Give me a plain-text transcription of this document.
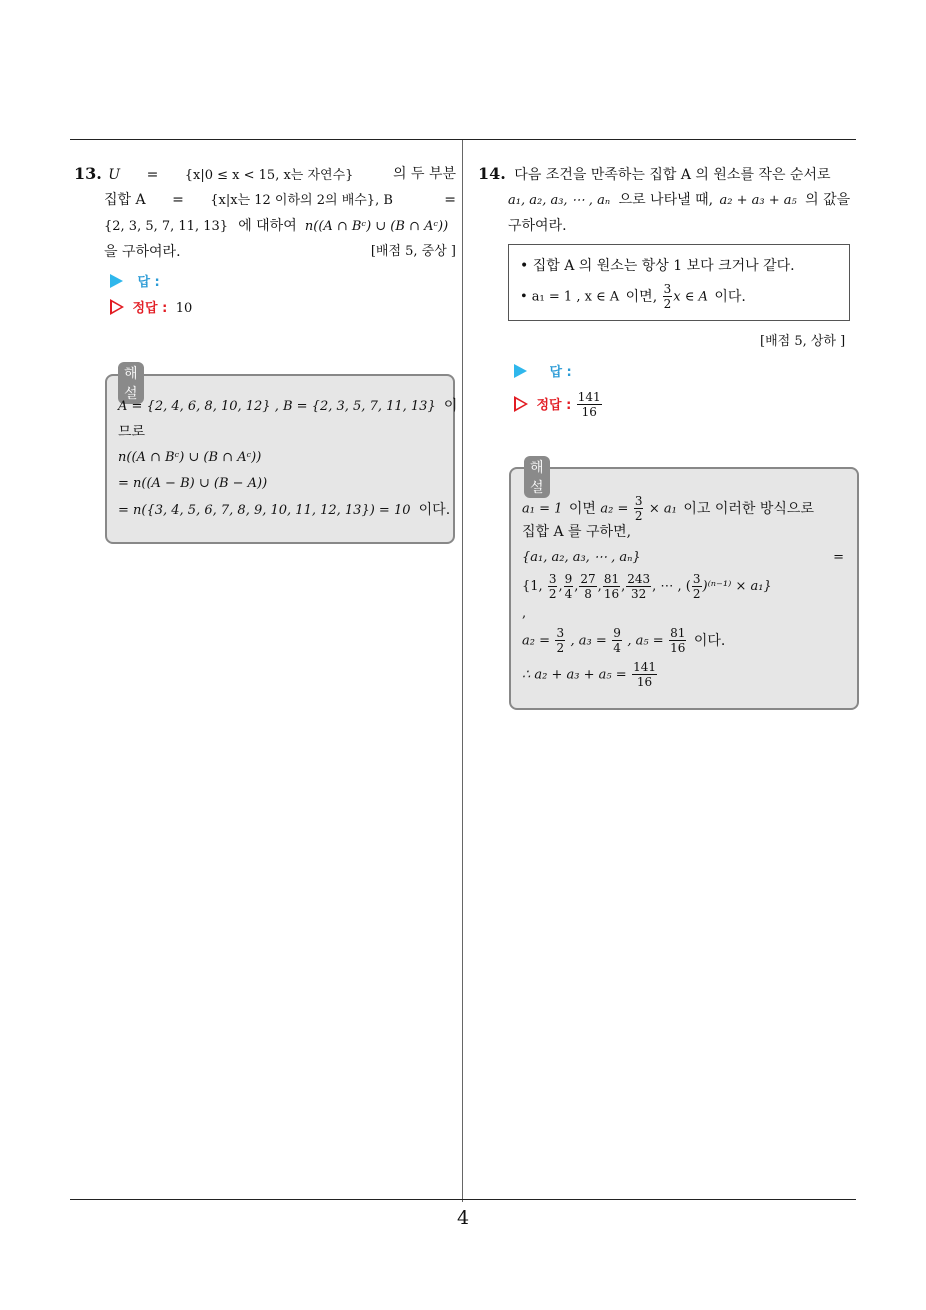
4
13. U = {x|0 ≤ x < 15, x는 자연수}	의 두 부분
집합 A = {x|x는 12 이하의 2의 배수}, B	=
{2, 3, 5, 7, 11, 13} 에 대하여 n((A ∩ Bᶜ) ∪ (B ∩ Aᶜ))
을 구하여라.	[배점 5, 중상 ]
답 :
정답 : 10
해설
A = {2, 4, 6, 8, 10, 12} , B = {2, 3, 5, 7, 11, 13} 이
므로
n((A ∩ Bᶜ) ∪ (B ∩ Aᶜ))
= n((A − B) ∪ (B − A))
= n({3, 4, 5, 6, 7, 8, 9, 10, 11, 12, 13}) = 10 이다.
14. 다음 조건을 만족하는 집합 A 의 원소를 작은 순서로
a₁, a₂, a₃, ⋯ , aₙ 으로 나타낼 때, a₂ + a₃ + a₅ 의 값을
구하여라.
• 집합 A 의 원소는 항상 1 보다 크거나 같다.
• a₁ = 1 , x ∈ A 이면, $\frac{3}{2}$ x ∈ A 이다.
[배점 5, 상하 ]
답 :
정답 : $\frac{141}{16}$
해설
a₁ = 1 이면 $a_2 = \frac{3}{2} \times a_1$ 이고 이러한 방식으로
집합 A 를 구하면,
{a₁, a₂, a₃, ⋯ , aₙ}	=
{1, $\frac{3}{2}$ , $\frac{9}{4}$ , $\frac{27}{8}$ , $\frac{81}{16}$ , $\frac{243}{32}$ , ⋯ , ( $\frac{3}{2} )^{(n-1)} \times a_1$}
,
$a_2 = \frac{3}{2}$ , $a_3 = \frac{9}{4}$ , $a_5 = \frac{81}{16}$ 이다.
∴ $a_2 + a_3 + a_5 = \frac{141}{16}$
